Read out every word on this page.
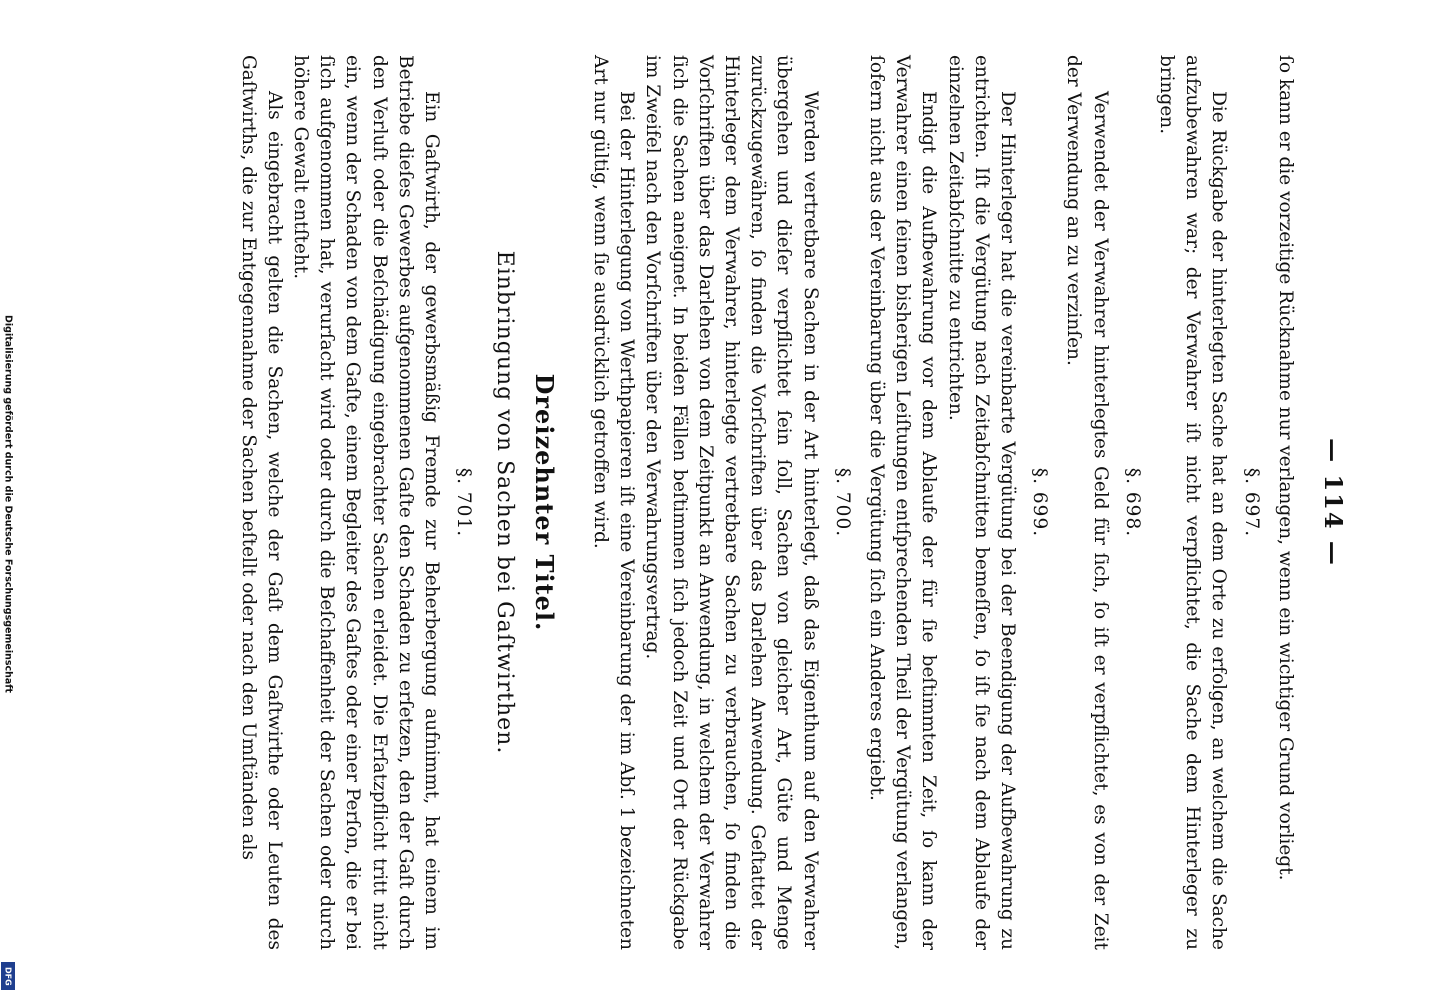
— 114 —

ſo kann er die vorzeitige Rücknahme nur verlangen, wenn ein wichtiger Grund vorliegt.

§. 697.

Die Rückgabe der hinterlegten Sache hat an dem Orte zu erfolgen, an welchem die Sache aufzubewahren war; der Verwahrer iſt nicht verpflichtet, die Sache dem Hinterleger zu bringen.

§. 698.

Verwendet der Verwahrer hinterlegtes Geld für ſich, ſo iſt er verpflichtet, es von der Zeit der Verwendung an zu verzinſen.

§. 699.

Der Hinterleger hat die vereinbarte Vergütung bei der Beendigung der Aufbewahrung zu entrichten. Iſt die Vergütung nach Zeitabſchnitten bemeſſen, ſo iſt ſie nach dem Ablaufe der einzelnen Zeitabſchnitte zu entrichten.

Endigt die Aufbewahrung vor dem Ablaufe der für ſie beſtimmten Zeit, ſo kann der Verwahrer einen ſeinen bisherigen Leiſtungen entſprechenden Theil der Vergütung verlangen, ſofern nicht aus der Vereinbarung über die Vergütung ſich ein Anderes ergiebt.

§. 700.

Werden vertretbare Sachen in der Art hinterlegt, daß das Eigenthum auf den Verwahrer übergehen und dieſer verpflichtet ſein ſoll, Sachen von gleicher Art, Güte und Menge zurückzugewähren, ſo finden die Vorſchriften über das Darlehen Anwendung. Geſtattet der Hinterleger dem Verwahrer, hinterlegte vertretbare Sachen zu verbrauchen, ſo finden die Vorſchriften über das Darlehen von dem Zeitpunkt an Anwendung, in welchem der Verwahrer ſich die Sachen aneignet. In beiden Fällen beſtimmen ſich jedoch Zeit und Ort der Rückgabe im Zweifel nach den Vorſchriften über den Verwahrungsvertrag.

Bei der Hinterlegung von Werthpapieren iſt eine Vereinbarung der im Abſ. 1 bezeichneten Art nur gültig, wenn ſie ausdrücklich getroffen wird.

Dreizehnter Titel.
Einbringung von Sachen bei Gaſtwirthen.
§. 701.

Ein Gaſtwirth, der gewerbsmäßig Fremde zur Beherbergung aufnimmt, hat einem im Betriebe dieſes Gewerbes aufgenommenen Gaſte den Schaden zu erſetzen, den der Gaſt durch den Verluſt oder die Beſchädigung eingebrachter Sachen erleidet. Die Erſatzpflicht tritt nicht ein, wenn der Schaden von dem Gaſte, einem Begleiter des Gaſtes oder einer Perſon, die er bei ſich aufgenommen hat, verurſacht wird oder durch die Beſchaffenheit der Sachen oder durch höhere Gewalt entſteht.

Als eingebracht gelten die Sachen, welche der Gaſt dem Gaſtwirthe oder Leuten des Gaſtwirths, die zur Entgegennahme der Sachen beſtellt oder nach den Umſtänden als

Digitalisierung gefördert durch die Deutsche Forschungsgemeinschaft
DFG
